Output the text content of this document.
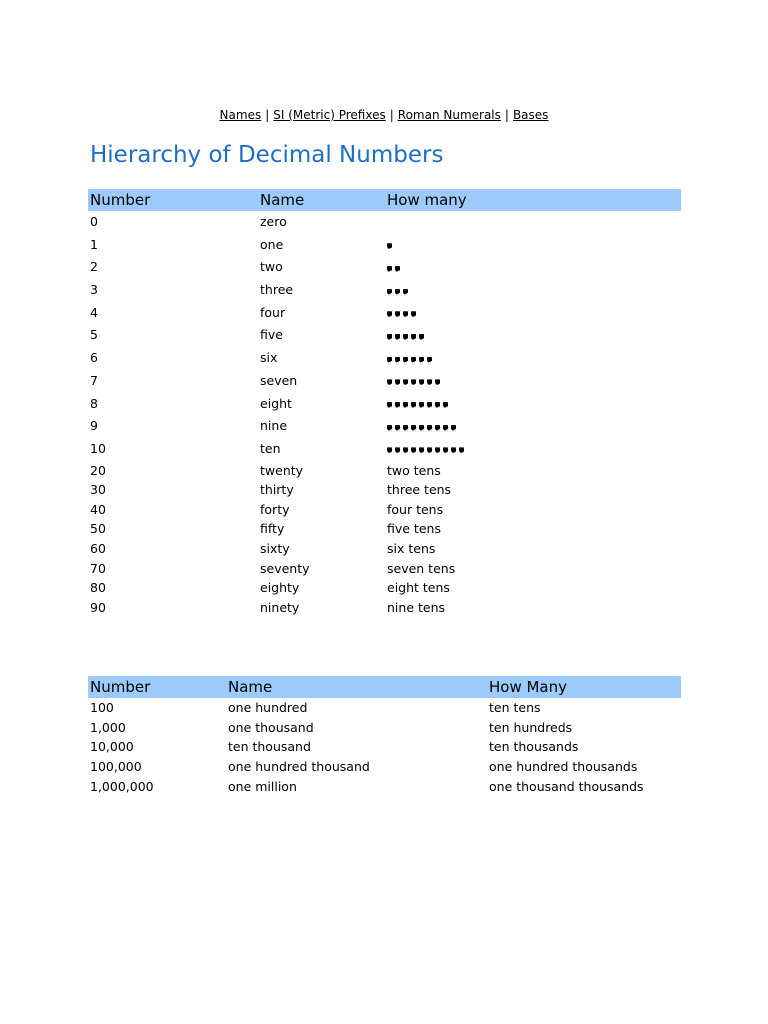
Names | SI (Metric) Prefixes | Roman Numerals | Bases
Hierarchy of Decimal Numbers
Number	Name	How many
0	zero	
1	one	
2	two	
3	three	
4	four	
5	five	
6	six	
7	seven	
8	eight	
9	nine	
10	ten	
20	twenty	two tens
30	thirty	three tens
40	forty	four tens
50	fifty	five tens
60	sixty	six tens
70	seventy	seven tens
80	eighty	eight tens
90	ninety	nine tens
Number	Name	How Many
100	one hundred	ten tens
1,000	one thousand	ten hundreds
10,000	ten thousand	ten thousands
100,000	one hundred thousand	one hundred thousands
1,000,000	one million	one thousand thousands
